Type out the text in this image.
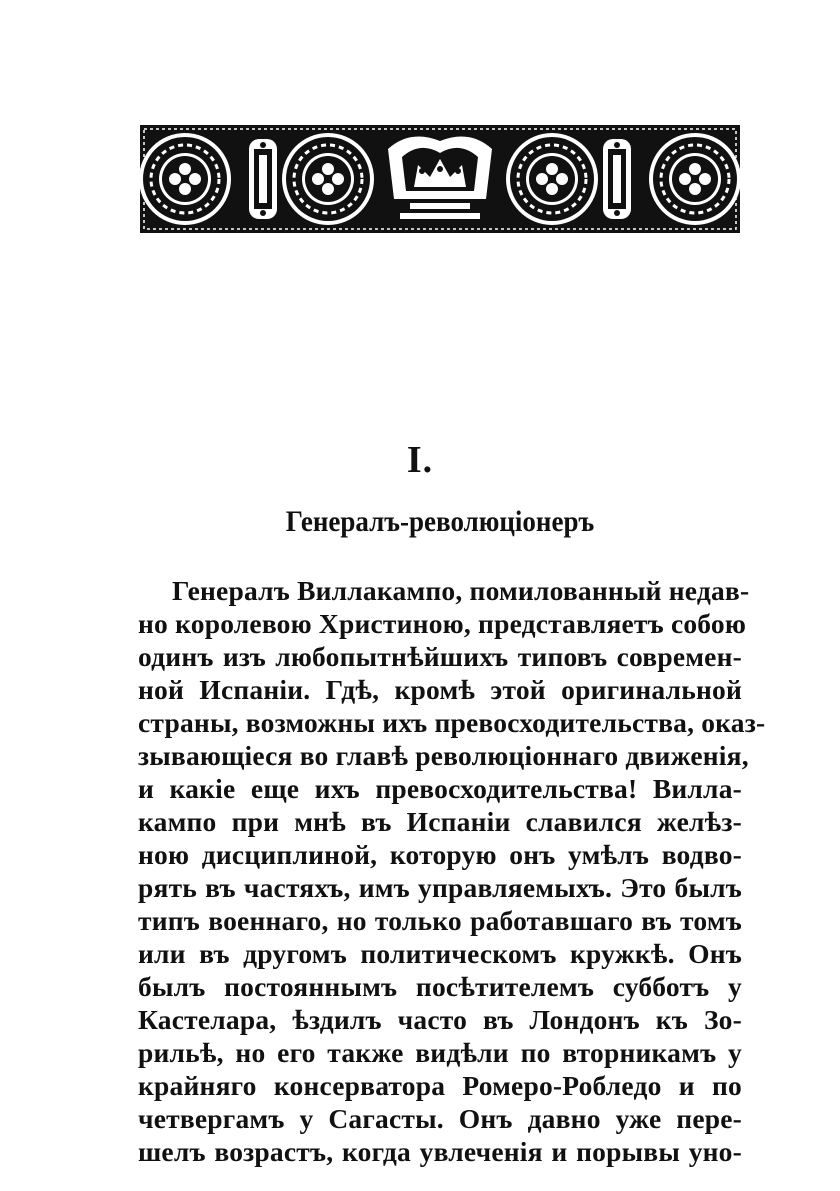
I.
Генералъ-революціонеръ
Генералъ Виллакампо, помилованный недав-
но королевою Христиною, представляетъ собою
одинъ изъ любопытнѣйшихъ типовъ современ-
ной Испаніи. Гдѣ, кромѣ этой оригинальной
страны, возможны ихъ превосходительства, оказ-
зывающіеся во главѣ революціоннаго движенія,
и какіе еще ихъ превосходительства! Вилла-
кампо при мнѣ въ Испаніи славился желѣз-
ною дисциплиной, которую онъ умѣлъ водво-
рять въ частяхъ, имъ управляемыхъ. Это былъ
типъ военнаго, но только работавшаго въ томъ
или въ другомъ политическомъ кружкѣ. Онъ
былъ постояннымъ посѣтителемъ субботъ у
Кастелара, ѣздилъ часто въ Лондонъ къ Зо-
рильѣ, но его также видѣли по вторникамъ у
крайняго консерватора Ромеро-Робледо и по
четвергамъ у Сагасты. Онъ давно уже пере-
шелъ возрастъ, когда увлеченія и порывы уно-
